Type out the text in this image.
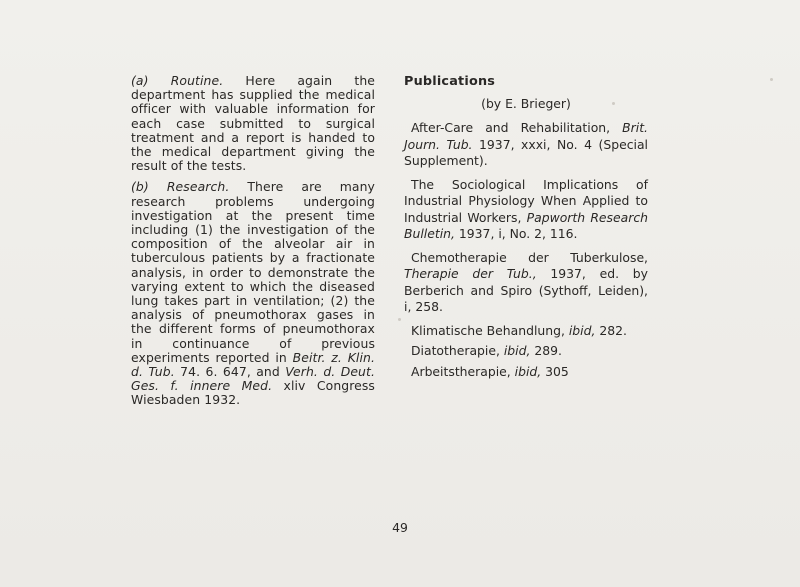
(a) Routine. Here again the department has supplied the medical officer with valuable information for each case submitted to surgical treatment and a report is handed to the medical department giving the result of the tests.

(b) Research. There are many research problems undergoing investigation at the present time including (1) the investigation of the composition of the alveolar air in tuberculous patients by a fractionate analysis, in order to demonstrate the varying extent to which the diseased lung takes part in ventilation; (2) the analysis of pneumothorax gases in the different forms of pneumothorax in continuance of previous experiments reported in Beitr. z. Klin. d. Tub. 74. 6. 647, and Verh. d. Deut. Ges. f. innere Med. xliv Congress Wiesbaden 1932.

Publications
(by E. Brieger)

After-Care and Rehabilitation, Brit. Journ. Tub. 1937, xxxi, No. 4 (Special Supplement).

The Sociological Implications of Industrial Physiology When Applied to Industrial Workers, Papworth Research Bulletin, 1937, i, No. 2, 116.

Chemotherapie der Tuberkulose, Therapie der Tub., 1937, ed. by Berberich and Spiro (Sythoff, Leiden), i, 258.

Klimatische Behandlung, ibid, 282.

Diatotherapie, ibid, 289.

Arbeitstherapie, ibid, 305

49
